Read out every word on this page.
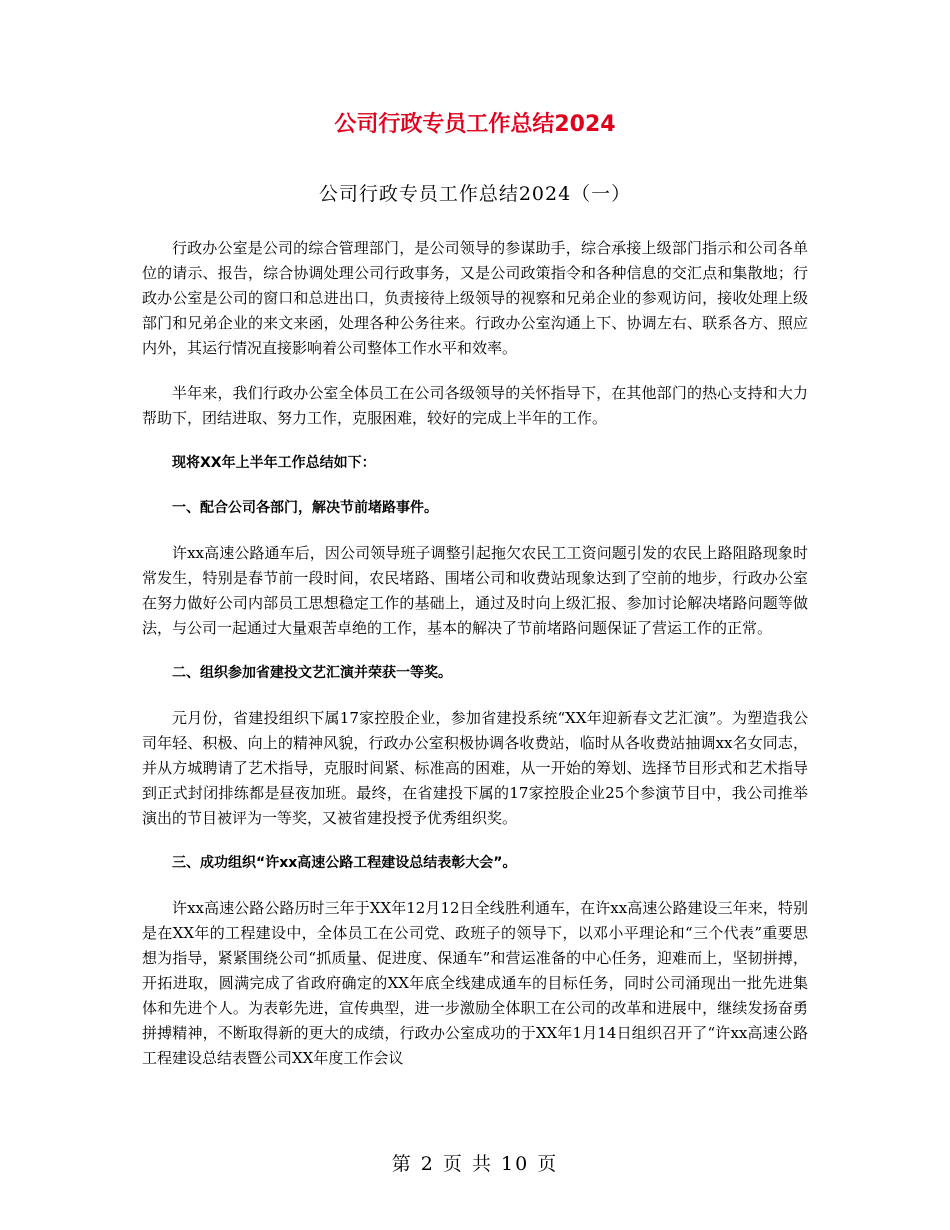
公司行政专员工作总结2024
公司行政专员工作总结2024（一）

行政办公室是公司的综合管理部门，是公司领导的参谋助手，综合承接上级部门指示和公司各单位的请示、报告，综合协调处理公司行政事务，又是公司政策指令和各种信息的交汇点和集散地；行政办公室是公司的窗口和总进出口，负责接待上级领导的视察和兄弟企业的参观访问，接收处理上级部门和兄弟企业的来文来函，处理各种公务往来。行政办公室沟通上下、协调左右、联系各方、照应内外，其运行情况直接影响着公司整体工作水平和效率。

半年来，我们行政办公室全体员工在公司各级领导的关怀指导下，在其他部门的热心支持和大力帮助下，团结进取、努力工作，克服困难，较好的完成上半年的工作。

现将XX年上半年工作总结如下：

一、配合公司各部门，解决节前堵路事件。

许xx高速公路通车后，因公司领导班子调整引起拖欠农民工工资问题引发的农民上路阻路现象时常发生，特别是春节前一段时间，农民堵路、围堵公司和收费站现象达到了空前的地步，行政办公室在努力做好公司内部员工思想稳定工作的基础上，通过及时向上级汇报、参加讨论解决堵路问题等做法，与公司一起通过大量艰苦卓绝的工作，基本的解决了节前堵路问题保证了营运工作的正常。

二、组织参加省建投文艺汇演并荣获一等奖。

元月份，省建投组织下属17家控股企业，参加省建投系统“XX年迎新春文艺汇演”。为塑造我公司年轻、积极、向上的精神风貌，行政办公室积极协调各收费站，临时从各收费站抽调xx名女同志，并从方城聘请了艺术指导，克服时间紧、标准高的困难，从一开始的筹划、选择节目形式和艺术指导到正式封闭排练都是昼夜加班。最终，在省建投下属的17家控股企业25个参演节目中，我公司推举演出的节目被评为一等奖，又被省建投授予优秀组织奖。

三、成功组织“许xx高速公路工程建设总结表彰大会”。

许xx高速公路公路历时三年于XX年12月12日全线胜利通车，在许xx高速公路建设三年来，特别是在XX年的工程建设中，全体员工在公司党、政班子的领导下，以邓小平理论和“三个代表”重要思想为指导，紧紧围绕公司“抓质量、促进度、保通车”和营运准备的中心任务，迎难而上，坚韧拼搏，开拓进取，圆满完成了省政府确定的XX年底全线建成通车的目标任务，同时公司涌现出一批先进集体和先进个人。为表彰先进，宣传典型，进一步激励全体职工在公司的改革和进展中，继续发扬奋勇拼搏精神，不断取得新的更大的成绩，行政办公室成功的于XX年1月14日组织召开了“许xx高速公路工程建设总结表暨公司XX年度工作会议

第 2 页 共 10 页
